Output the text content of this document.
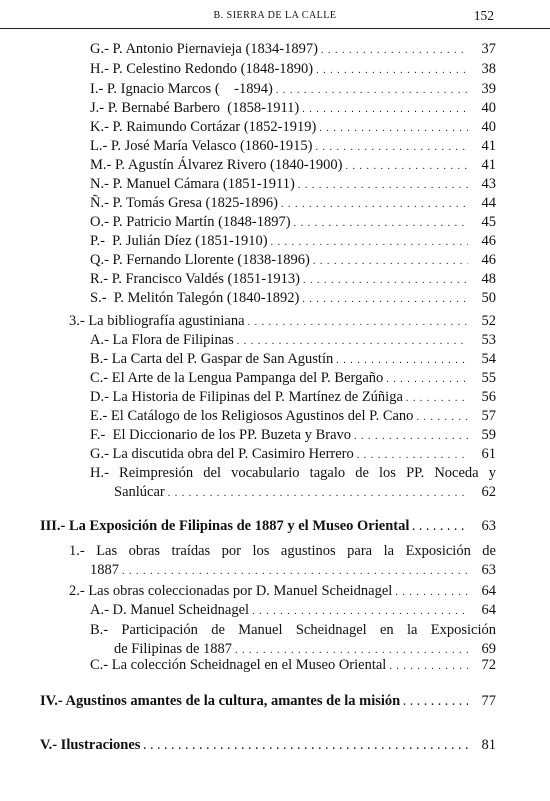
B. SIERRA DE LA CALLE	152
G.- P. Antonio Piernavieja (1834-1897) . . .	37
H.- P. Celestino Redondo (1848-1890) . . .	38
I.- P. Ignacio Marcos (    -1894) . . .	39
J.- P. Bernabé Barbero  (1858-1911) . . .	40
K.- P. Raimundo Cortázar (1852-1919) . . .	40
L.- P. José María Velasco (1860-1915) . . .	41
M.- P. Agustín Álvarez Rivero (1840-1900) . . .	41
N.- P. Manuel Cámara (1851-1911) . . .	43
Ñ.- P. Tomás Gresa (1825-1896) . . .	44
O.- P. Patricio Martín (1848-1897) . . .	45
P.-  P. Julián Díez (1851-1910) . . .	46
Q.- P. Fernando Llorente (1838-1896) . . .	46
R.- P. Francisco Valdés (1851-1913) . . .	48
S.-  P. Melitón Talegón (1840-1892) . . .	50
3.- La bibliografía agustiniana . . .	52
A.- La Flora de Filipinas . . .	53
B.- La Carta del P. Gaspar de San Agustín . . .	54
C.- El Arte de la Lengua Pampanga del P. Bergaño . . .	55
D.- La Historia de Filipinas del P. Martínez de Zúñiga . . .	56
E.- El Catálogo de los Religiosos Agustinos del P. Cano . . .	57
F.-  El Diccionario de los PP. Buzeta y Bravo . . .	59
G.- La discutida obra del P. Casimiro Herrero . . .	61
H.- Reimpresión del vocabulario tagalo de los PP. Noceda y
Sanlúcar . . .	62
III.- La Exposición de Filipinas de 1887 y el Museo Oriental . . .	63
1.- Las obras traídas por los agustinos para la Exposición de
1887 . . .	63
2.- Las obras coleccionadas por D. Manuel Scheidnagel . . .	64
A.- D. Manuel Scheidnagel . . .	64
B.- Participación de Manuel Scheidnagel en la Exposición
de Filipinas de 1887 . . .	69
C.- La colección Scheidnagel en el Museo Oriental . . .	72
IV.- Agustinos amantes de la cultura, amantes de la misión . . .	77
V.- Ilustraciones . . .	81
